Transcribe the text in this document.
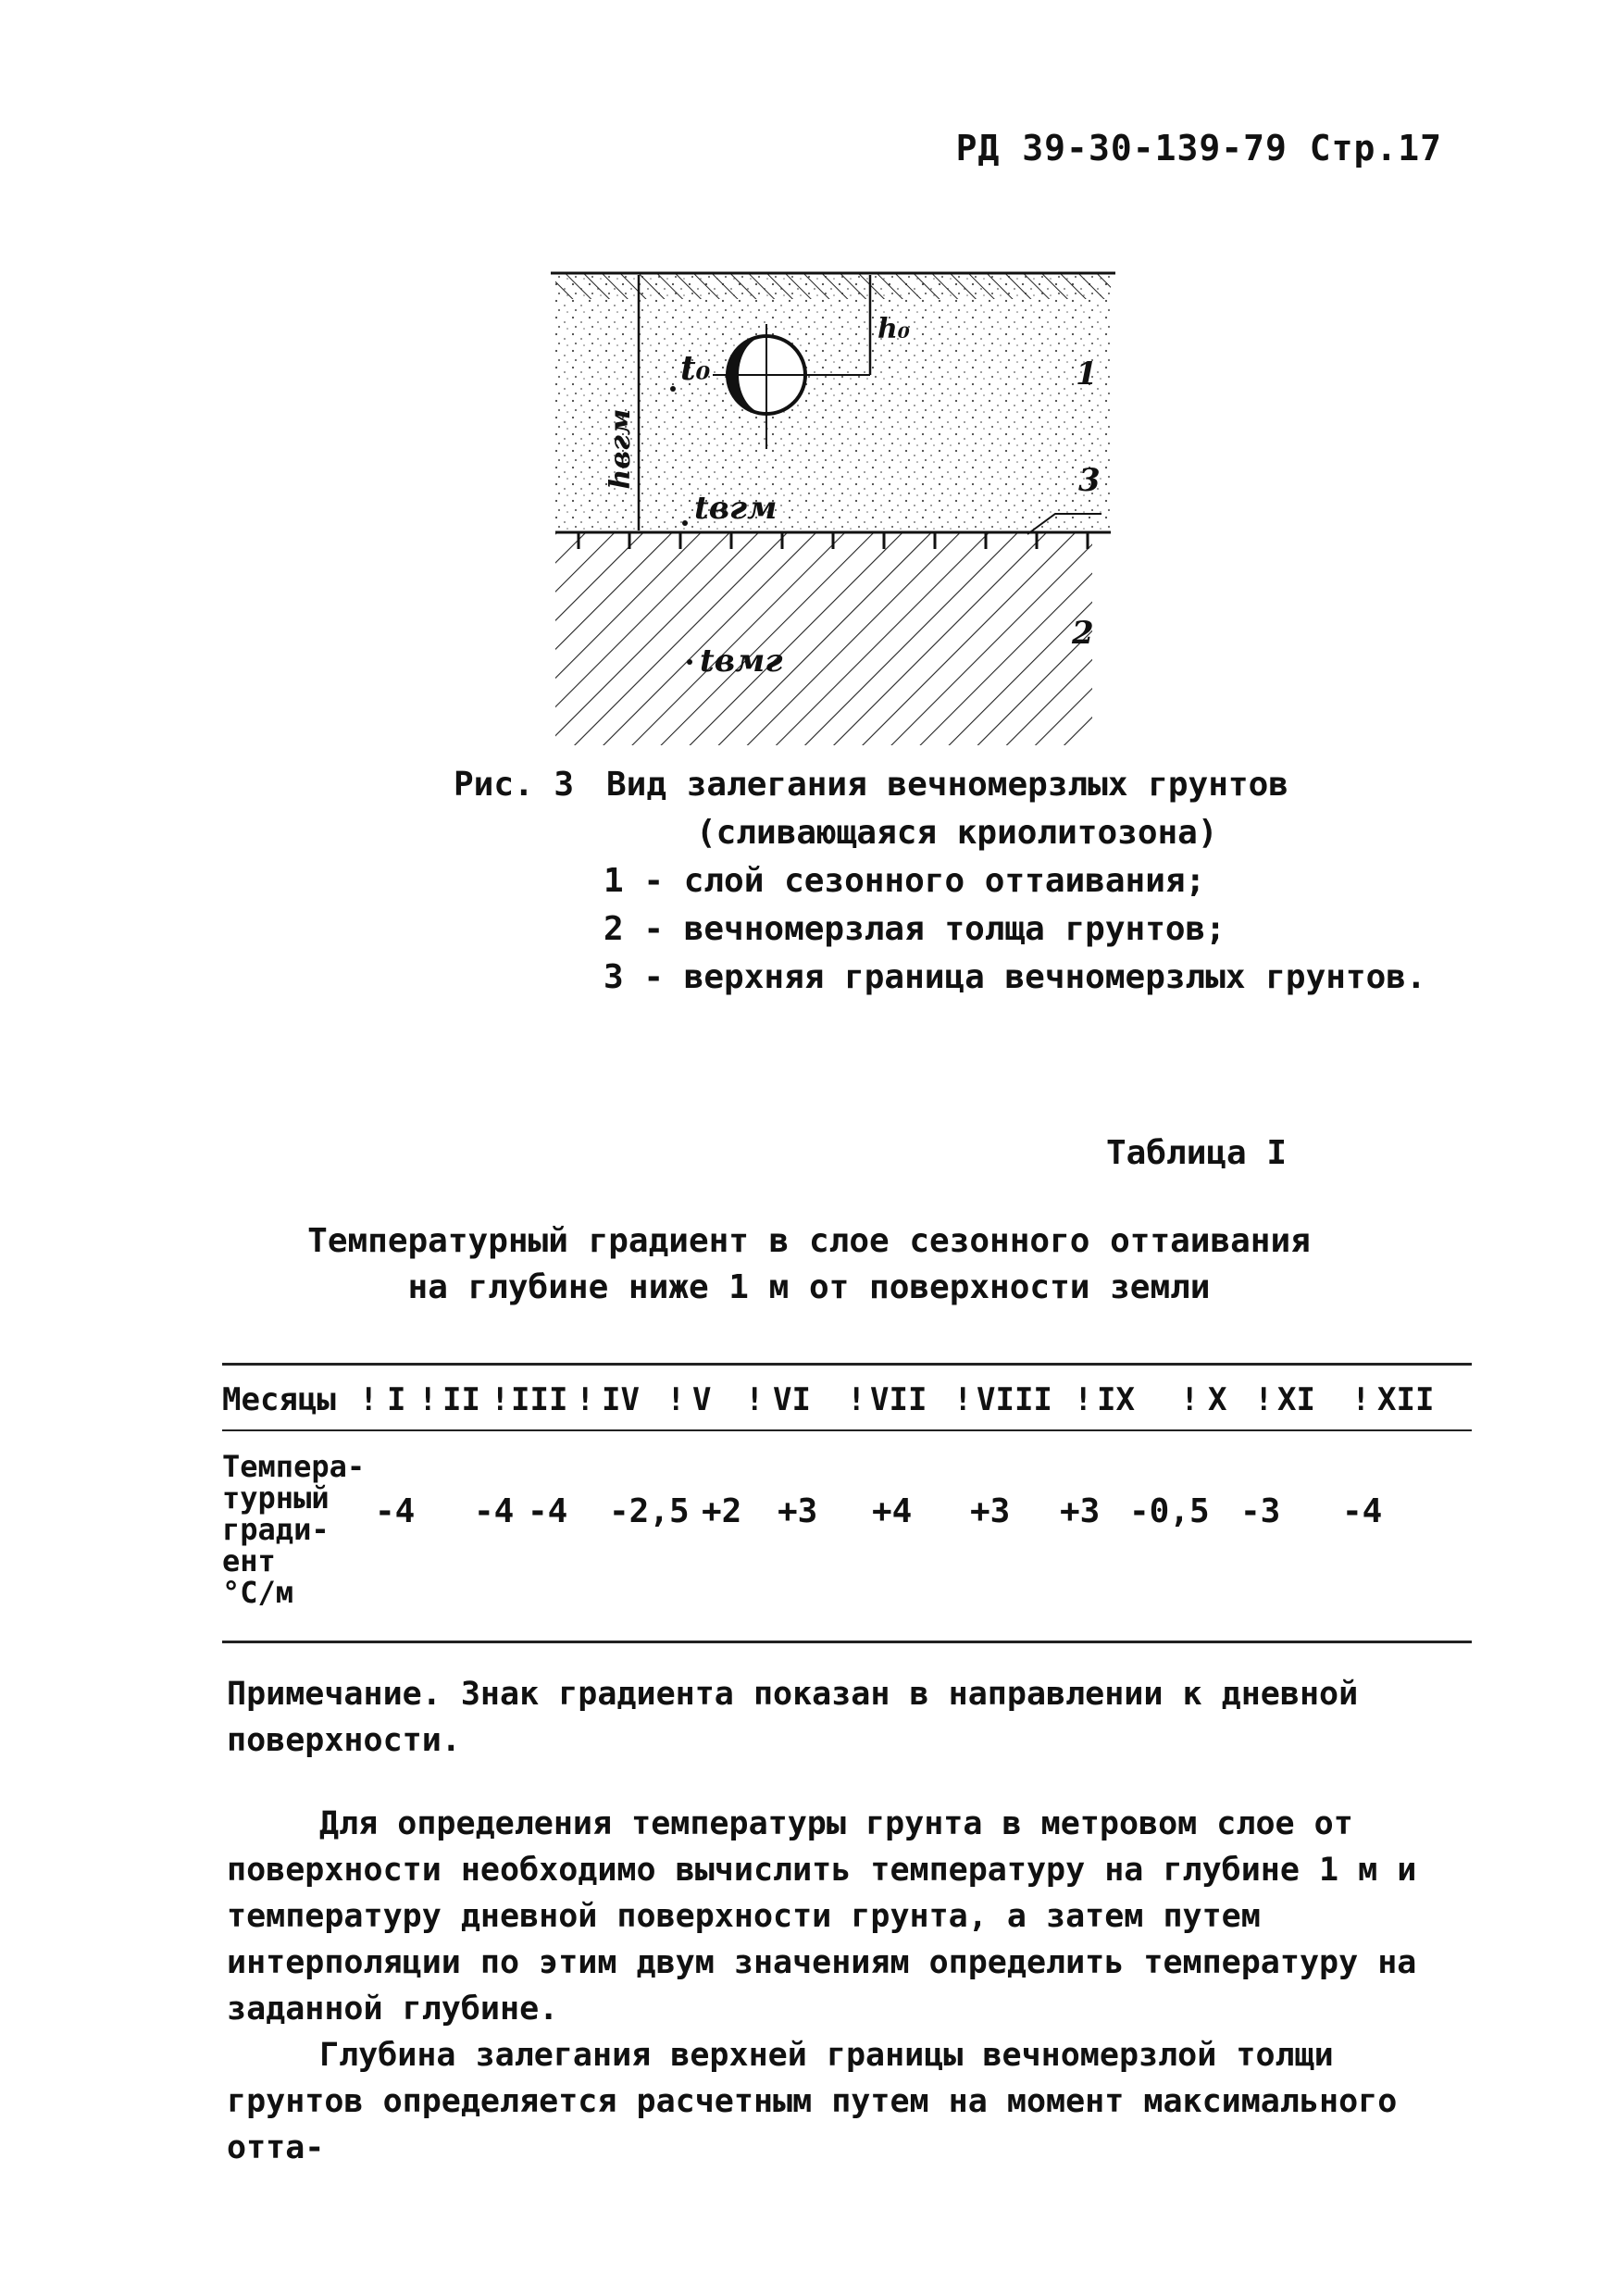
РД 39-30-139-79 Стр.17
hвгм
t₀
h₀
tвгм
tвмг
1
3
2
Рис. 3 Вид залегания вечномерзлых грунтов
(сливающаяся криолитозона)
1 - слой сезонного оттаивания;
2 - вечномерзлая толща грунтов;
3 - верхняя граница вечномерзлых грунтов.
Таблица I
Температурный градиент в слое сезонного оттаивания
на глубине ниже 1 м от поверхности земли
Месяцы ! I ! II ! III ! IV ! V ! VI ! VII ! VIII ! IX ! X ! XI ! XII
Темпера-
турный
гради-
ент
°С/м
-4 -4 -4 -2,5 +2 +3 +4 +3 +3 -0,5 -3 -4
Примечание. Знак градиента показан в направлении к дневной поверхности.
Для определения температуры грунта в метровом слое от поверхности необходимо вычислить температуру на глубине 1 м и температуру дневной поверхности грунта, а затем путем интерполяции по этим двум значениям определить температуру на заданной глубине.
Глубина залегания верхней границы вечномерзлой толщи грунтов определяется расчетным путем на момент максимального отта-
